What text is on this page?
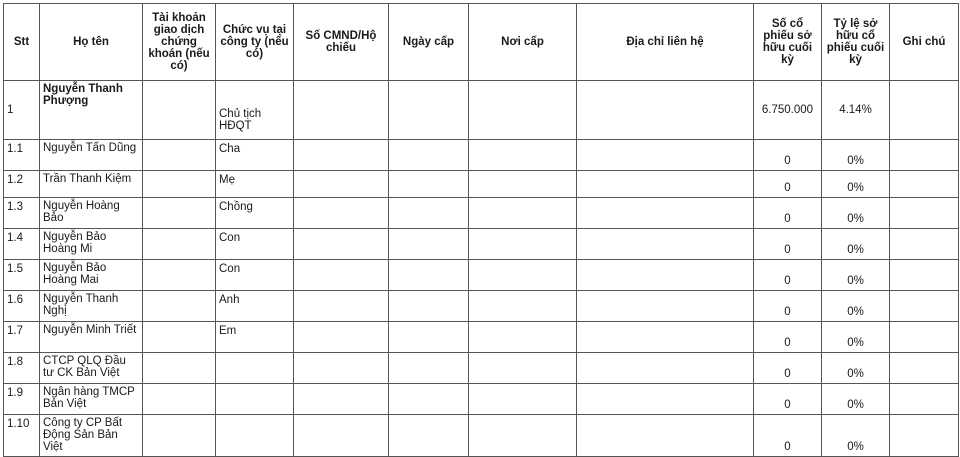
Stt	Họ tên	Tài khoản giao dịch chứng khoán (nếu có)	Chức vụ tại công ty (nếu có)	Số CMND/Hộ chiếu	Ngày cấp	Nơi cấp	Địa chỉ liên hệ	Số cổ phiếu sở hữu cuối kỳ	Tỷ lệ sở hữu cổ phiếu cuối kỳ	Ghi chú
1	Nguyễn Thanh Phượng		Chủ tịch HĐQT					6.750.000	4.14%	
1.1	Nguyễn Tấn Dũng		Cha					0	0%	
1.2	Trần Thanh Kiệm		Mẹ					0	0%	
1.3	Nguyễn Hoàng Bảo		Chồng					0	0%	
1.4	Nguyễn Bảo Hoàng Mi		Con					0	0%	
1.5	Nguyễn Bảo Hoàng Mai		Con					0	0%	
1.6	Nguyễn Thanh Nghị		Anh					0	0%	
1.7	Nguyễn Minh Triết		Em					0	0%	
1.8	CTCP QLQ Đầu tư CK Bản Việt							0	0%	
1.9	Ngân hàng TMCP Bản Việt							0	0%	
1.10	Công ty CP Bất Động Sản Bản Việt							0	0%	
